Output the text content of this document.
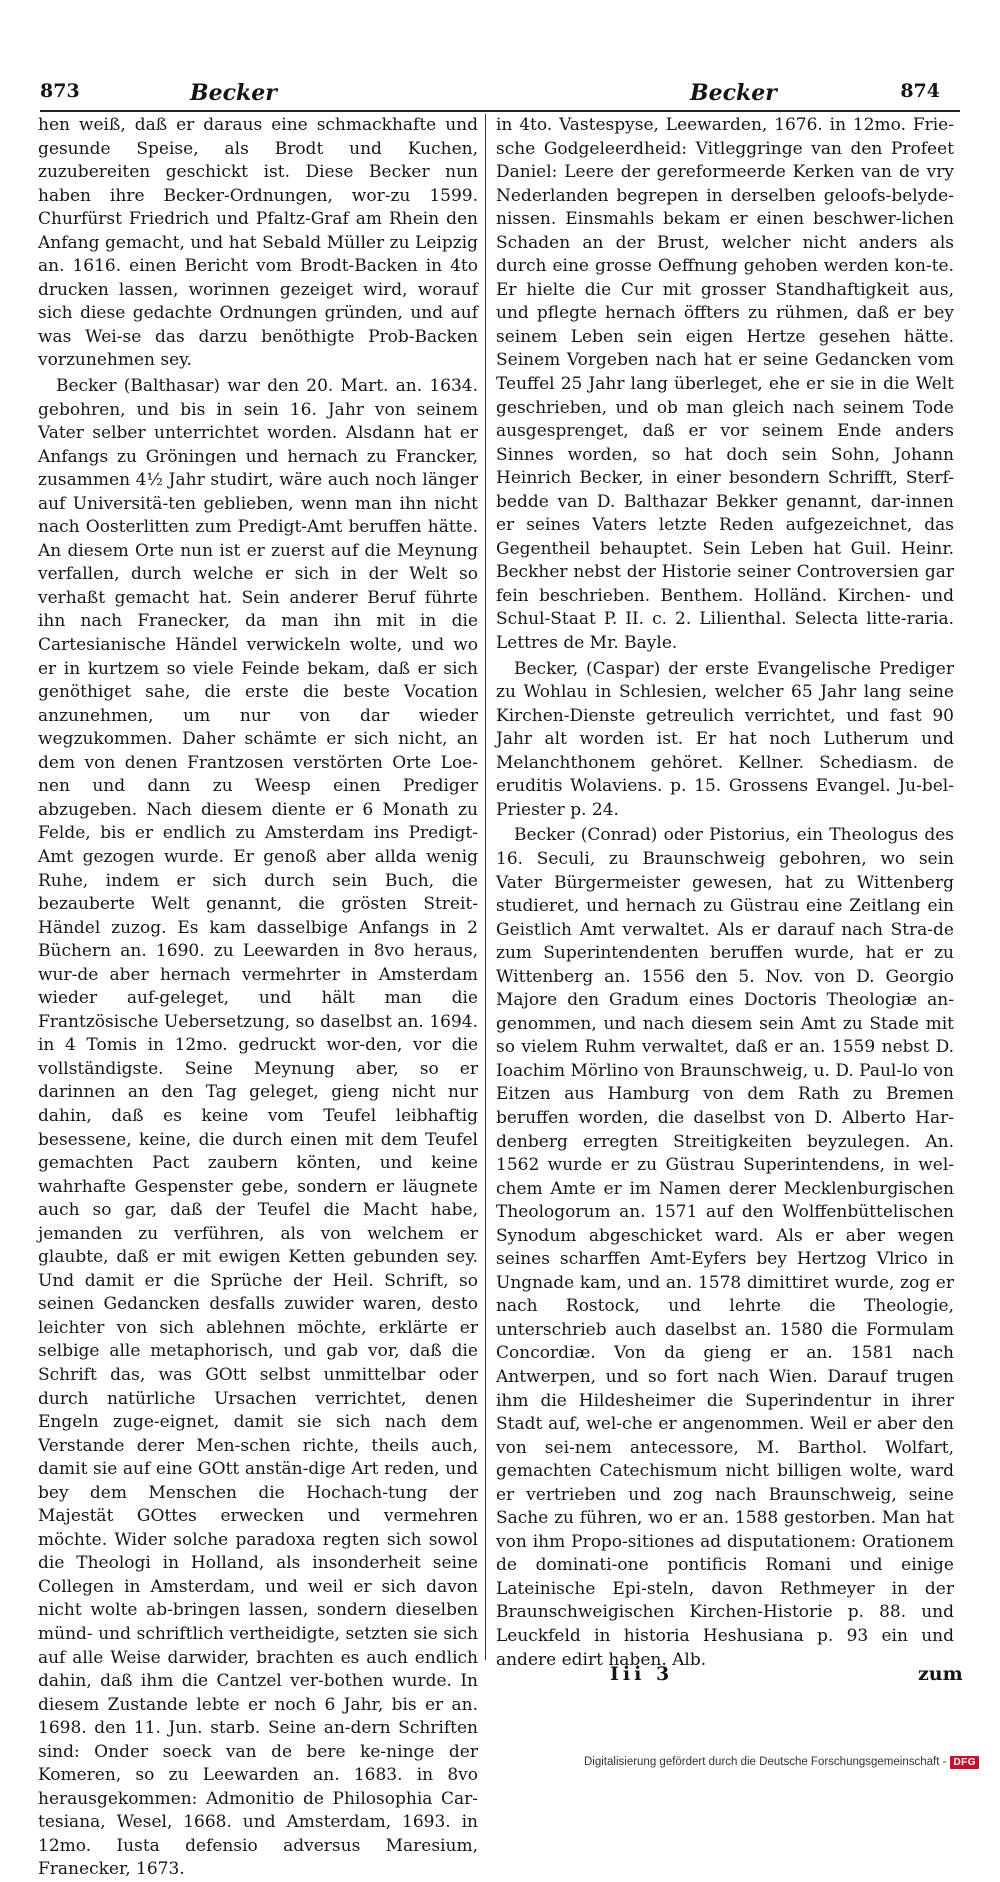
873	Becker	Becker	874

hen weiß, daß er daraus eine schmackhafte und gesunde Speise, als Brodt und Kuchen, zuzubereiten geschickt ist. Diese Becker nun haben ihre Becker-Ordnungen, wor-zu 1599. Churfürst Friedrich und Pfaltz-Graf am Rhein den Anfang gemacht, und hat Sebald Müller zu Leipzig an. 1616. einen Bericht vom Brodt-Backen in 4to drucken lassen, worinnen gezeiget wird, worauf sich diese gedachte Ordnungen gründen, und auf was Wei-se das darzu benöthigte Prob-Backen vorzunehmen sey.

Becker (Balthasar) war den 20. Mart. an. 1634. gebohren, und bis in sein 16. Jahr von seinem Vater selber unterrichtet worden. Alsdann hat er Anfangs zu Gröningen und hernach zu Francker, zusammen 4½ Jahr studirt, wäre auch noch länger auf Universitä-ten geblieben, wenn man ihn nicht nach Oosterlitten zum Predigt-Amt beruffen hätte. An diesem Orte nun ist er zuerst auf die Meynung verfallen, durch welche er sich in der Welt so verhaßt gemacht hat. Sein anderer Beruf führte ihn nach Franecker, da man ihn mit in die Cartesianische Händel verwickeln wolte, und wo er in kurtzem so viele Feinde bekam, daß er sich genöthiget sahe, die erste die beste Vocation anzunehmen, um nur von dar wieder wegzukommen. Daher schämte er sich nicht, an dem von denen Frantzosen verstörten Orte Loe-nen und dann zu Weesp einen Prediger abzugeben. Nach diesem diente er 6 Monath zu Felde, bis er endlich zu Amsterdam ins Predigt-Amt gezogen wurde. Er genoß aber allda wenig Ruhe, indem er sich durch sein Buch, die bezauberte Welt genannt, die grösten Streit-Händel zuzog. Es kam dasselbige Anfangs in 2 Büchern an. 1690. zu Leewarden in 8vo heraus, wur-de aber hernach vermehrter in Amsterdam wieder auf-geleget, und hält man die Frantzösische Uebersetzung, so daselbst an. 1694. in 4 Tomis in 12mo. gedruckt wor-den, vor die vollständigste. Seine Meynung aber, so er darinnen an den Tag geleget, gieng nicht nur dahin, daß es keine vom Teufel leibhaftig besessene, keine, die durch einen mit dem Teufel gemachten Pact zaubern könten, und keine wahrhafte Gespenster gebe, sondern er läugnete auch so gar, daß der Teufel die Macht habe, jemanden zu verführen, als von welchem er glaubte, daß er mit ewigen Ketten gebunden sey. Und damit er die Sprüche der Heil. Schrift, so seinen Gedancken desfalls zuwider waren, desto leichter von sich ablehnen möchte, erklärte er selbige alle metaphorisch, und gab vor, daß die Schrift das, was GOtt selbst unmittelbar oder durch natürliche Ursachen verrichtet, denen Engeln zuge-eignet, damit sie sich nach dem Verstande derer Men-schen richte, theils auch, damit sie auf eine GOtt anstän-dige Art reden, und bey dem Menschen die Hochach-tung der Majestät GOttes erwecken und vermehren möchte. Wider solche paradoxa regten sich sowol die Theologi in Holland, als insonderheit seine Collegen in Amsterdam, und weil er sich davon nicht wolte ab-bringen lassen, sondern dieselben münd- und schriftlich vertheidigte, setzten sie sich auf alle Weise darwider, brachten es auch endlich dahin, daß ihm die Cantzel ver-bothen wurde. In diesem Zustande lebte er noch 6 Jahr, bis er an. 1698. den 11. Jun. starb. Seine an-dern Schriften sind: Onder soeck van de bere ke-ninge der Komeren, so zu Leewarden an. 1683. in 8vo herausgekommen: Admonitio de Philosophia Car-tesiana, Wesel, 1668. und Amsterdam, 1693. in 12mo. Iusta defensio adversus Maresium, Franecker, 1673.

in 4to. Vastespyse, Leewarden, 1676. in 12mo. Frie-sche Godgeleerdheid: Vitleggringe van den Profeet Daniel: Leere der gereformeerde Kerken van de vry Nederlanden begrepen in derselben geloofs-belyde-nissen. Einsmahls bekam er einen beschwer-lichen Schaden an der Brust, welcher nicht anders als durch eine grosse Oeffnung gehoben werden kon-te. Er hielte die Cur mit grosser Standhaftigkeit aus, und pflegte hernach öffters zu rühmen, daß er bey seinem Leben sein eigen Hertze gesehen hätte. Seinem Vorgeben nach hat er seine Gedancken vom Teuffel 25 Jahr lang überleget, ehe er sie in die Welt geschrieben, und ob man gleich nach seinem Tode ausgesprenget, daß er vor seinem Ende anders Sinnes worden, so hat doch sein Sohn, Johann Heinrich Becker, in einer besondern Schrifft, Sterf-bedde van D. Balthazar Bekker genannt, dar-innen er seines Vaters letzte Reden aufgezeichnet, das Gegentheil behauptet. Sein Leben hat Guil. Heinr. Beckher nebst der Historie seiner Controversien gar fein beschrieben. Benthem. Holländ. Kirchen- und Schul-Staat P. II. c. 2. Lilienthal. Selecta litte-raria. Lettres de Mr. Bayle.

Becker, (Caspar) der erste Evangelische Prediger zu Wohlau in Schlesien, welcher 65 Jahr lang seine Kirchen-Dienste getreulich verrichtet, und fast 90 Jahr alt worden ist. Er hat noch Lutherum und Melanchthonem gehöret. Kellner. Schediasm. de eruditis Wolaviens. p. 15. Grossens Evangel. Ju-bel-Priester p. 24.

Becker (Conrad) oder Pistorius, ein Theologus des 16. Seculi, zu Braunschweig gebohren, wo sein Vater Bürgermeister gewesen, hat zu Wittenberg studieret, und hernach zu Güstrau eine Zeitlang ein Geistlich Amt verwaltet. Als er darauf nach Stra-de zum Superintendenten beruffen wurde, hat er zu Wittenberg an. 1556 den 5. Nov. von D. Georgio Majore den Gradum eines Doctoris Theologiæ an-genommen, und nach diesem sein Amt zu Stade mit so vielem Ruhm verwaltet, daß er an. 1559 nebst D. Ioachim Mörlino von Braunschweig, u. D. Paul-lo von Eitzen aus Hamburg von dem Rath zu Bremen beruffen worden, die daselbst von D. Alberto Har-denberg erregten Streitigkeiten beyzulegen. An. 1562 wurde er zu Güstrau Superintendens, in wel-chem Amte er im Namen derer Mecklenburgischen Theologorum an. 1571 auf den Wolffenbüttelischen Synodum abgeschicket ward. Als er aber wegen seines scharffen Amt-Eyfers bey Hertzog Vlrico in Ungnade kam, und an. 1578 dimittiret wurde, zog er nach Rostock, und lehrte die Theologie, unterschrieb auch daselbst an. 1580 die Formulam Concordiæ. Von da gieng er an. 1581 nach Antwerpen, und so fort nach Wien. Darauf trugen ihm die Hildesheimer die Superindentur in ihrer Stadt auf, wel-che er angenommen. Weil er aber den von sei-nem antecessore, M. Barthol. Wolfart, gemachten Catechismum nicht billigen wolte, ward er vertrieben und zog nach Braunschweig, seine Sache zu führen, wo er an. 1588 gestorben. Man hat von ihm Propo-sitiones ad disputationem: Orationem de dominati-one pontificis Romani und einige Lateinische Epi-steln, davon Rethmeyer in der Braunschweigischen Kirchen-Historie p. 88. und Leuckfeld in historia Heshusiana p. 93 ein und andere edirt haben. Alb.

Iii 3	zum
Digitalisierung gefördert durch die Deutsche Forschungsgemeinschaft - DFG
